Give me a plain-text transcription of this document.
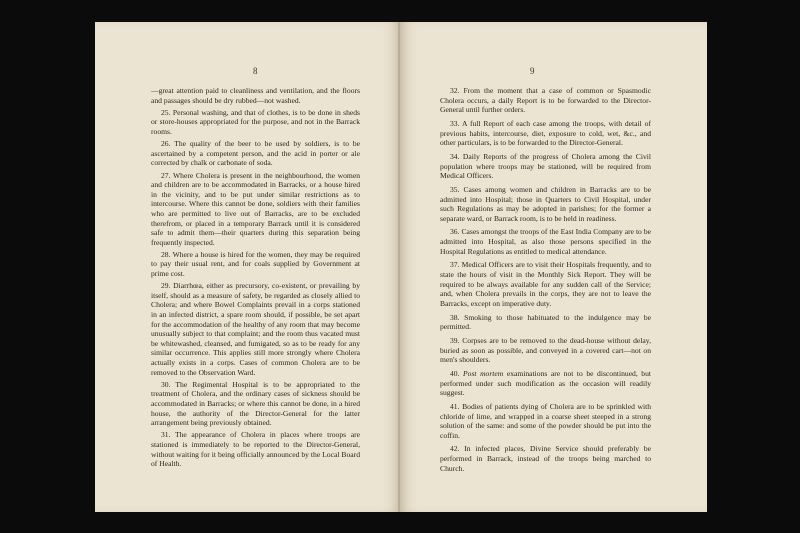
8

—great attention paid to cleanliness and ventilation, and the floors and passages should be dry rubbed—not washed.

25. Personal washing, and that of clothes, is to be done in sheds or store-houses appropriated for the purpose, and not in the Barrack rooms.

26. The quality of the beer to be used by soldiers, is to be ascertained by a competent person, and the acid in porter or ale corrected by chalk or carbonate of soda.

27. Where Cholera is present in the neighbourhood, the women and children are to be accommodated in Barracks, or a house hired in the vicinity, and to be put under similar restrictions as to intercourse. Where this cannot be done, soldiers with their families who are permitted to live out of Barracks, are to be excluded therefrom, or placed in a temporary Barrack until it is considered safe to admit them—their quarters during this separation being frequently inspected.

28. Where a house is hired for the women, they may be required to pay their usual rent, and for coals supplied by Government at prime cost.

29. Diarrhœa, either as precursory, co-existent, or prevailing by itself, should as a measure of safety, be regarded as closely allied to Cholera; and where Bowel Complaints prevail in a corps stationed in an infected district, a spare room should, if possible, be set apart for the accommodation of the healthy of any room that may become unusually subject to that complaint; and the room thus vacated must be whitewashed, cleansed, and fumigated, so as to be ready for any similar occurrence. This applies still more strongly where Cholera actually exists in a corps. Cases of common Cholera are to be removed to the Observation Ward.

30. The Regimental Hospital is to be appropriated to the treatment of Cholera, and the ordinary cases of sickness should be accommodated in Barracks; or where this cannot be done, in a hired house, the authority of the Director-General for the latter arrangement being previously obtained.

31. The appearance of Cholera in places where troops are stationed is immediately to be reported to the Director-General, without waiting for it being officially announced by the Local Board of Health.

9

32. From the moment that a case of common or Spasmodic Cholera occurs, a daily Report is to be forwarded to the Director-General until further orders.

33. A full Report of each case among the troops, with detail of previous habits, intercourse, diet, exposure to cold, wet, &c., and other particulars, is to be forwarded to the Director-General.

34. Daily Reports of the progress of Cholera among the Civil population where troops may be stationed, will be required from Medical Officers.

35. Cases among women and children in Barracks are to be admitted into Hospital; those in Quarters to Civil Hospital, under such Regulations as may be adopted in parishes; for the former a separate ward, or Barrack room, is to be held in readiness.

36. Cases amongst the troops of the East India Company are to be admitted into Hospital, as also those persons specified in the Hospital Regulations as entitled to medical attendance.

37. Medical Officers are to visit their Hospitals frequently, and to state the hours of visit in the Monthly Sick Report. They will be required to be always available for any sudden call of the Service; and, when Cholera prevails in the corps, they are not to leave the Barracks, except on imperative duty.

38. Smoking to those habituated to the indulgence may be permitted.

39. Corpses are to be removed to the dead-house without delay, buried as soon as possible, and conveyed in a covered cart—not on men's shoulders.

40. Post mortem examinations are not to be discontinued, but performed under such modification as the occasion will readily suggest.

41. Bodies of patients dying of Cholera are to be sprinkled with chloride of lime, and wrapped in a coarse sheet steeped in a strong solution of the same: and some of the powder should be put into the coffin.

42. In infected places, Divine Service should preferably be performed in Barrack, instead of the troops being marched to Church.
